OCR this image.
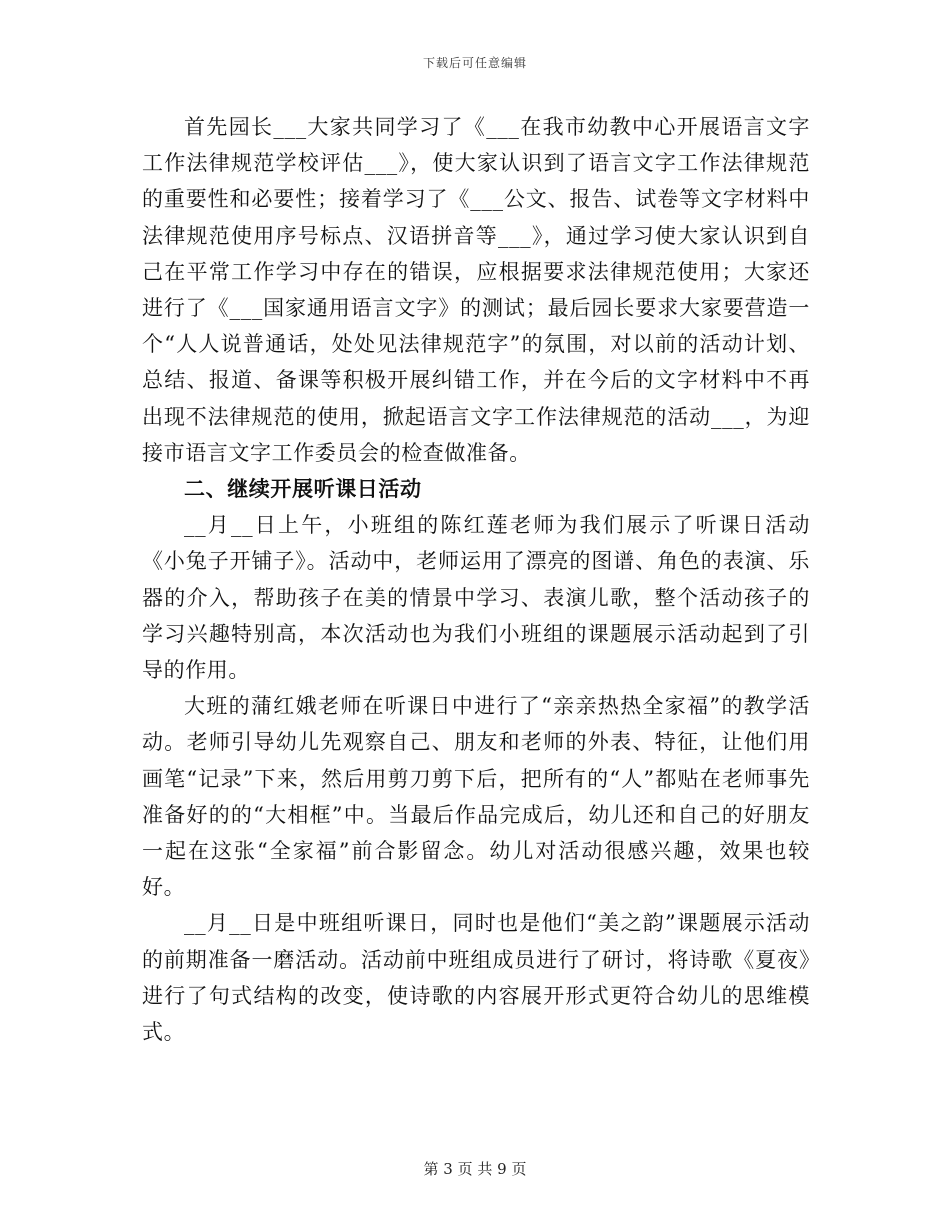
下载后可任意编辑

首先园长___大家共同学习了《___在我市幼教中心开展语言文字工作法律规范学校评估___》，使大家认识到了语言文字工作法律规范的重要性和必要性；接着学习了《___公文、报告、试卷等文字材料中法律规范使用序号标点、汉语拼音等___》，通过学习使大家认识到自己在平常工作学习中存在的错误，应根据要求法律规范使用；大家还进行了《___国家通用语言文字》的测试；最后园长要求大家要营造一个“人人说普通话，处处见法律规范字”的氛围，对以前的活动计划、总结、报道、备课等积极开展纠错工作，并在今后的文字材料中不再出现不法律规范的使用，掀起语言文字工作法律规范的活动___，为迎接市语言文字工作委员会的检查做准备。

二、继续开展听课日活动

__月__日上午，小班组的陈红莲老师为我们展示了听课日活动《小兔子开铺子》。活动中，老师运用了漂亮的图谱、角色的表演、乐器的介入，帮助孩子在美的情景中学习、表演儿歌，整个活动孩子的学习兴趣特别高，本次活动也为我们小班组的课题展示活动起到了引导的作用。

大班的蒲红娥老师在听课日中进行了“亲亲热热全家福”的教学活动。老师引导幼儿先观察自己、朋友和老师的外表、特征，让他们用画笔“记录”下来，然后用剪刀剪下后，把所有的“人”都贴在老师事先准备好的的“大相框”中。当最后作品完成后，幼儿还和自己的好朋友一起在这张“全家福”前合影留念。幼儿对活动很感兴趣，效果也较好。

__月__日是中班组听课日，同时也是他们“美之韵”课题展示活动的前期准备一磨活动。活动前中班组成员进行了研讨，将诗歌《夏夜》进行了句式结构的改变，使诗歌的内容展开形式更符合幼儿的思维模式。

第 3 页 共 9 页
